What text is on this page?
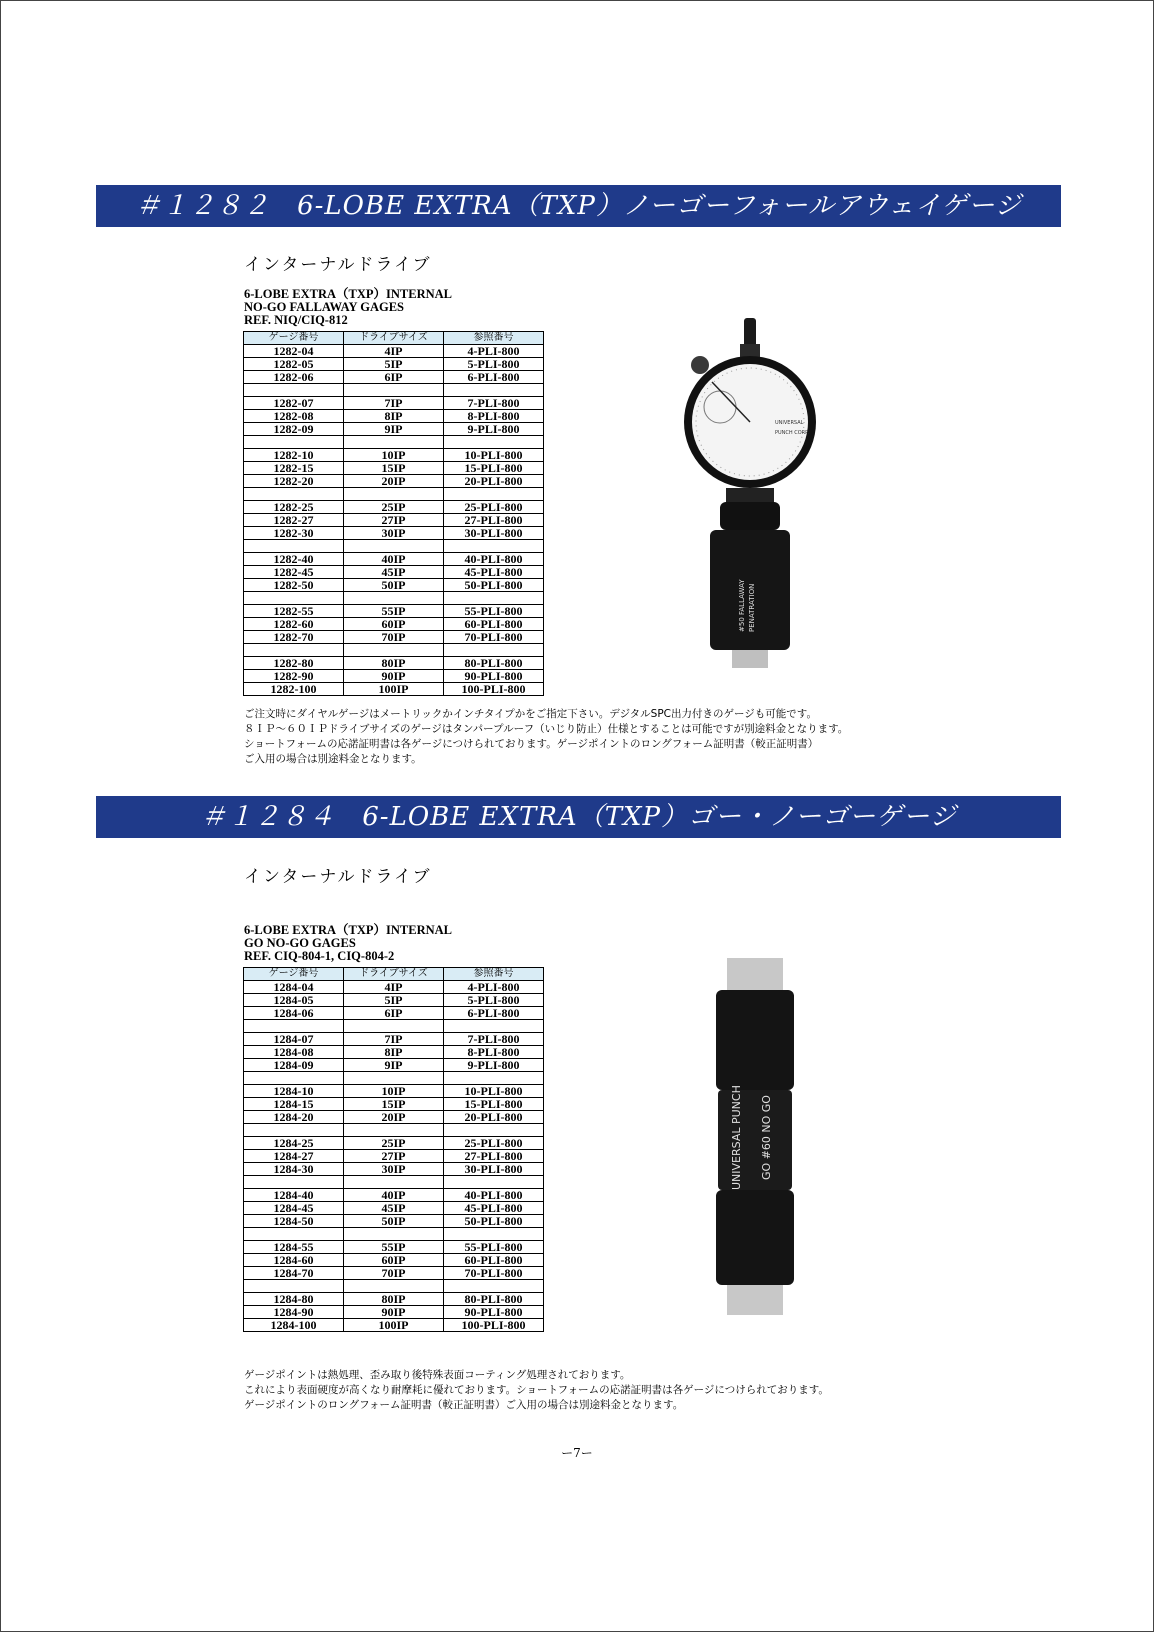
＃１２８２　6-LOBE EXTRA（TXP）ノーゴーフォールアウェイゲージ
インターナルドライブ
6-LOBE EXTRA（TXP）INTERNAL
NO-GO FALLAWAY GAGES
REF. NIQ/CIQ-812
ゲージ番号	ドライブサイズ	参照番号
1282-04	4IP	4-PLI-800
1282-05	5IP	5-PLI-800
1282-06	6IP	6-PLI-800

1282-07	7IP	7-PLI-800
1282-08	8IP	8-PLI-800
1282-09	9IP	9-PLI-800

1282-10	10IP	10-PLI-800
1282-15	15IP	15-PLI-800
1282-20	20IP	20-PLI-800

1282-25	25IP	25-PLI-800
1282-27	27IP	27-PLI-800
1282-30	30IP	30-PLI-800

1282-40	40IP	40-PLI-800
1282-45	45IP	45-PLI-800
1282-50	50IP	50-PLI-800

1282-55	55IP	55-PLI-800
1282-60	60IP	60-PLI-800
1282-70	70IP	70-PLI-800

1282-80	80IP	80-PLI-800
1282-90	90IP	90-PLI-800
1282-100	100IP	100-PLI-800
UNIVERSAL
PUNCH CORP.
#50 FALLAWAY PENATRATION
ご注文時にダイヤルゲージはメートリックかインチタイプかをご指定下さい。デジタルSPC出力付きのゲージも可能です。
８ＩＰ～６０ＩＰドライブサイズのゲージはタンパープルーフ（いじり防止）仕様とすることは可能ですが別途料金となります。
ショートフォームの応諾証明書は各ゲージにつけられております。ゲージポイントのロングフォーム証明書（較正証明書）
ご入用の場合は別途料金となります。
＃１２８４　6-LOBE EXTRA（TXP）ゴー・ノーゴーゲージ
インターナルドライブ
6-LOBE EXTRA（TXP）INTERNAL
GO NO-GO GAGES
REF. CIQ-804-1, CIQ-804-2
ゲージ番号	ドライブサイズ	参照番号
1284-04	4IP	4-PLI-800
1284-05	5IP	5-PLI-800
1284-06	6IP	6-PLI-800

1284-07	7IP	7-PLI-800
1284-08	8IP	8-PLI-800
1284-09	9IP	9-PLI-800

1284-10	10IP	10-PLI-800
1284-15	15IP	15-PLI-800
1284-20	20IP	20-PLI-800

1284-25	25IP	25-PLI-800
1284-27	27IP	27-PLI-800
1284-30	30IP	30-PLI-800

1284-40	40IP	40-PLI-800
1284-45	45IP	45-PLI-800
1284-50	50IP	50-PLI-800

1284-55	55IP	55-PLI-800
1284-60	60IP	60-PLI-800
1284-70	70IP	70-PLI-800

1284-80	80IP	80-PLI-800
1284-90	90IP	90-PLI-800
1284-100	100IP	100-PLI-800
UNIVERSAL PUNCH GO #60 NO GO
ゲージポイントは熱処理、歪み取り後特殊表面コーティング処理されております。
これにより表面硬度が高くなり耐摩耗に優れております。ショートフォームの応諾証明書は各ゲージにつけられております。
ゲージポイントのロングフォーム証明書（較正証明書）ご入用の場合は別途料金となります。
ー7ー
